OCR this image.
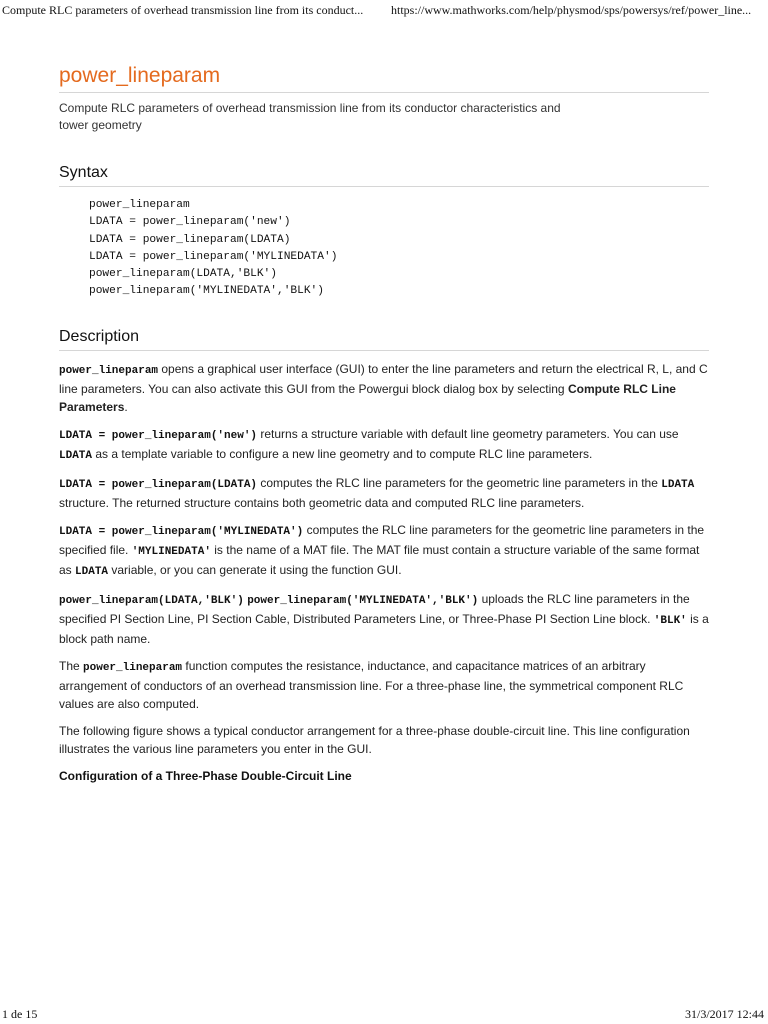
Compute RLC parameters of overhead transmission line from its conduct... https://www.mathworks.com/help/physmod/sps/powersys/ref/power_line...
power_lineparam

Compute RLC parameters of overhead transmission line from its conductor characteristics and tower geometry

Syntax
power_lineparam
LDATA = power_lineparam('new')
LDATA = power_lineparam(LDATA)
LDATA = power_lineparam('MYLINEDATA')
power_lineparam(LDATA,'BLK')
power_lineparam('MYLINEDATA','BLK')
Description

power_lineparam opens a graphical user interface (GUI) to enter the line parameters and return the electrical R, L, and C line parameters. You can also activate this GUI from the Powergui block dialog box by selecting Compute RLC Line Parameters.

LDATA = power_lineparam('new') returns a structure variable with default line geometry parameters. You can use LDATA as a template variable to configure a new line geometry and to compute RLC line parameters.

LDATA = power_lineparam(LDATA) computes the RLC line parameters for the geometric line parameters in the LDATA structure. The returned structure contains both geometric data and computed RLC line parameters.

LDATA = power_lineparam('MYLINEDATA') computes the RLC line parameters for the geometric line parameters in the specified file. 'MYLINEDATA' is the name of a MAT file. The MAT file must contain a structure variable of the same format as LDATA variable, or you can generate it using the function GUI.

power_lineparam(LDATA,'BLK') power_lineparam('MYLINEDATA','BLK') uploads the RLC line parameters in the specified PI Section Line, PI Section Cable, Distributed Parameters Line, or Three-Phase PI Section Line block. 'BLK' is a block path name.

The power_lineparam function computes the resistance, inductance, and capacitance matrices of an arbitrary arrangement of conductors of an overhead transmission line. For a three-phase line, the symmetrical component RLC values are also computed.

The following figure shows a typical conductor arrangement for a three-phase double-circuit line. This line configuration illustrates the various line parameters you enter in the GUI.

Configuration of a Three-Phase Double-Circuit Line

1 de 15	31/3/2017 12:44
